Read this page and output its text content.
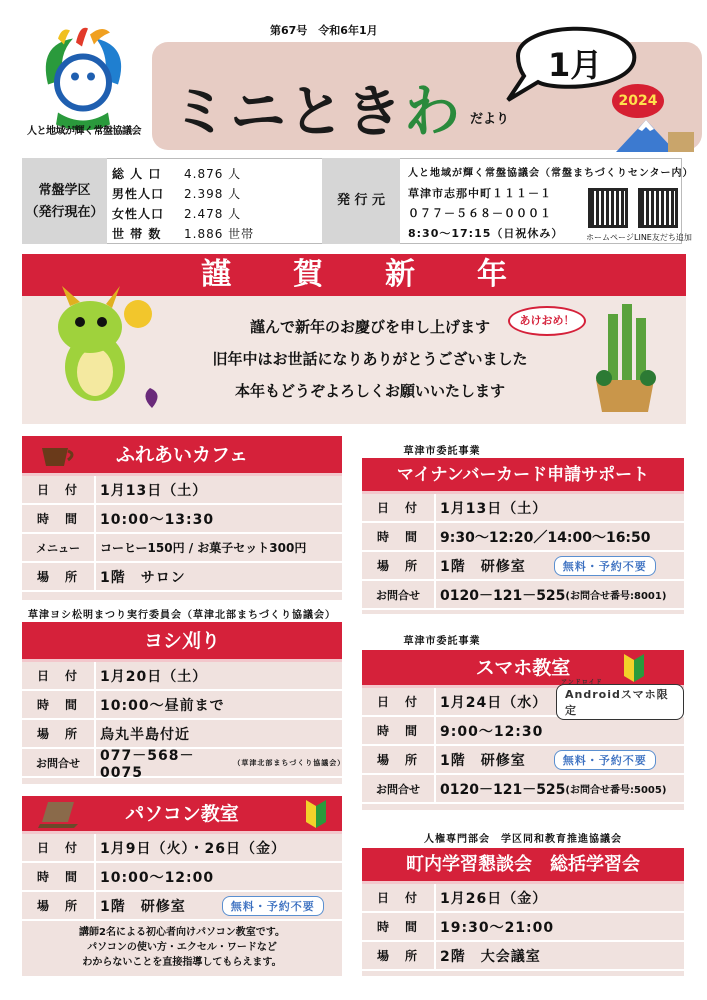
人と地域が輝く常盤協議会
第67号　令和6年1月
ミニときわ だより
1月
2024
常盤学区
（発行現在）
総 人 口	4.876 人
男性人口	2.398 人
女性人口	2.478 人
世 帯 数	1.886 世帯
発 行 元
人と地域が輝く常盤協議会（常盤まちづくりセンター内）
草津市志那中町１１１－１
０７７－５６８－０００１
8:30～17:15（日祝休み）	ホームページ LINE友だち追加
謹賀新年
謹んで新年のお慶びを申し上げます
旧年中はお世話になりありがとうございました
本年もどうぞよろしくお願いいたします
あけおめ！
ふれあいカフェ
日　付	1月13日（土）
時　間	10:00～13:30
メニュー	コーヒー150円 / お菓子セット300円
場　所	1階　サロン
草津ヨシ松明まつり実行委員会（草津北部まちづくり協議会）
ヨシ刈り
日　付	1月20日（土）
時　間	10:00～昼前まで
場　所	烏丸半島付近
お問合せ	077－568－0075
（草津北部まちづくり協議会）
パソコン教室
日　付	1月9日（火）・26日（金）
時　間	10:00～12:00
場　所	1階　研修室	無料・予約不要
講師2名による初心者向けパソコン教室です。
パソコンの使い方・エクセル・ワードなど
わからないことを直接指導してもらえます。
草津市委託事業
マイナンバーカード申請サポート
日　付	1月13日（土）
時　間	9:30～12:20／14:00～16:50
場　所	1階　研修室	無料・予約不要
お問合せ	0120－121－525 (お問合せ番号:8001)
草津市委託事業
スマホ教室
日　付	1月24日（水）
アンドロイド
Androidスマホ限定
時　間	9:00～12:30
場　所	1階　研修室	無料・予約不要
お問合せ	0120－121－525 (お問合せ番号:5005)
人権専門部会　学区同和教育推進協議会
町内学習懇談会　総括学習会
日　付	1月26日（金）
時　間	19:30～21:00
場　所	2階　大会議室
